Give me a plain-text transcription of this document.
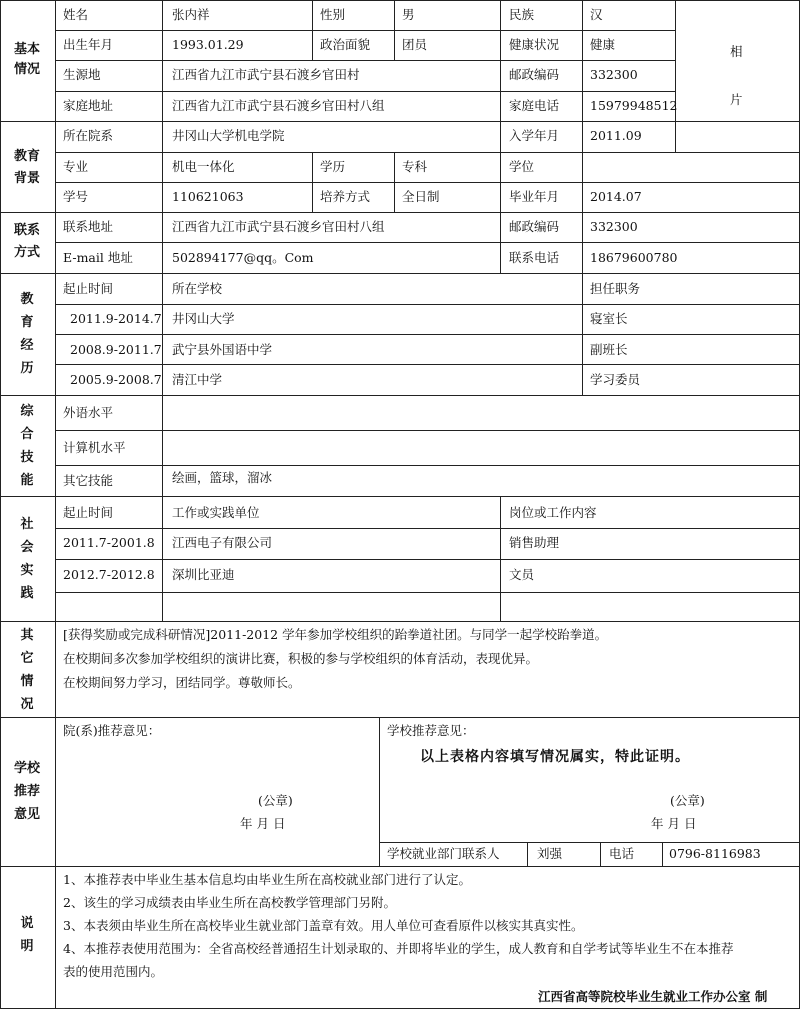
基本情况
姓名	张内祥	性别	男	民族	汉
出生年月	1993.01.29	政治面貌	团员	健康状况 健康
生源地	江西省九江市武宁县石渡乡官田村	邮政编码 332300
家庭地址	江西省九江市武宁县石渡乡官田村八组	家庭电话 15979948512
相
片
教育背景
所在院系	井冈山大学机电学院	入学年月 2011.09
专业	机电一体化	学历	专科	学位
学号	110621063	培养方式	全日制	毕业年月 2014.07
联系方式
联系地址	江西省九江市武宁县石渡乡官田村八组	邮政编码 332300
E-mail 地址	502894177@qq。Com	联系电话 18679600780
教
育
经
历
起止时间	所在学校	担任职务
2011.9-2014.7 井冈山大学	寝室长
2008.9-2011.7 武宁县外国语中学	副班长
2005.9-2008.7 清江中学	学习委员
综
合
技
能
外语水平
计算机水平
其它技能	绘画，篮球，溜冰
社
会
实
践
起止时间	工作或实践单位	岗位或工作内容
2011.7-2001.8 江西电子有限公司	销售助理
2012.7-2012.8 深圳比亚迪	文员
其
它
情
况
[获得奖励或完成科研情况]2011-2012 学年参加学校组织的跆拳道社团。与同学一起学校跆拳道。
在校期间多次参加学校组织的演讲比赛，积极的参与学校组织的体育活动，表现优异。
在校期间努力学习，团结同学。尊敬师长。
学校
推荐
意见
院(系)推荐意见：
(公章)
年 月 日
学校推荐意见：
以上表格内容填写情况属实，特此证明。
(公章)
年 月 日
学校就业部门联系人	刘强	电话	0796-8116983
说
明
1、本推荐表中毕业生基本信息均由毕业生所在高校就业部门进行了认定。
2、该生的学习成绩表由毕业生所在高校教学管理部门另附。
3、本表须由毕业生所在高校毕业生就业部门盖章有效。用人单位可查看原件以核实其真实性。
4、本推荐表使用范围为：全省高校经普通招生计划录取的、并即将毕业的学生，成人教育和自学考试等毕业生不在本推荐
表的使用范围内。
江西省高等院校毕业生就业工作办公室 制
